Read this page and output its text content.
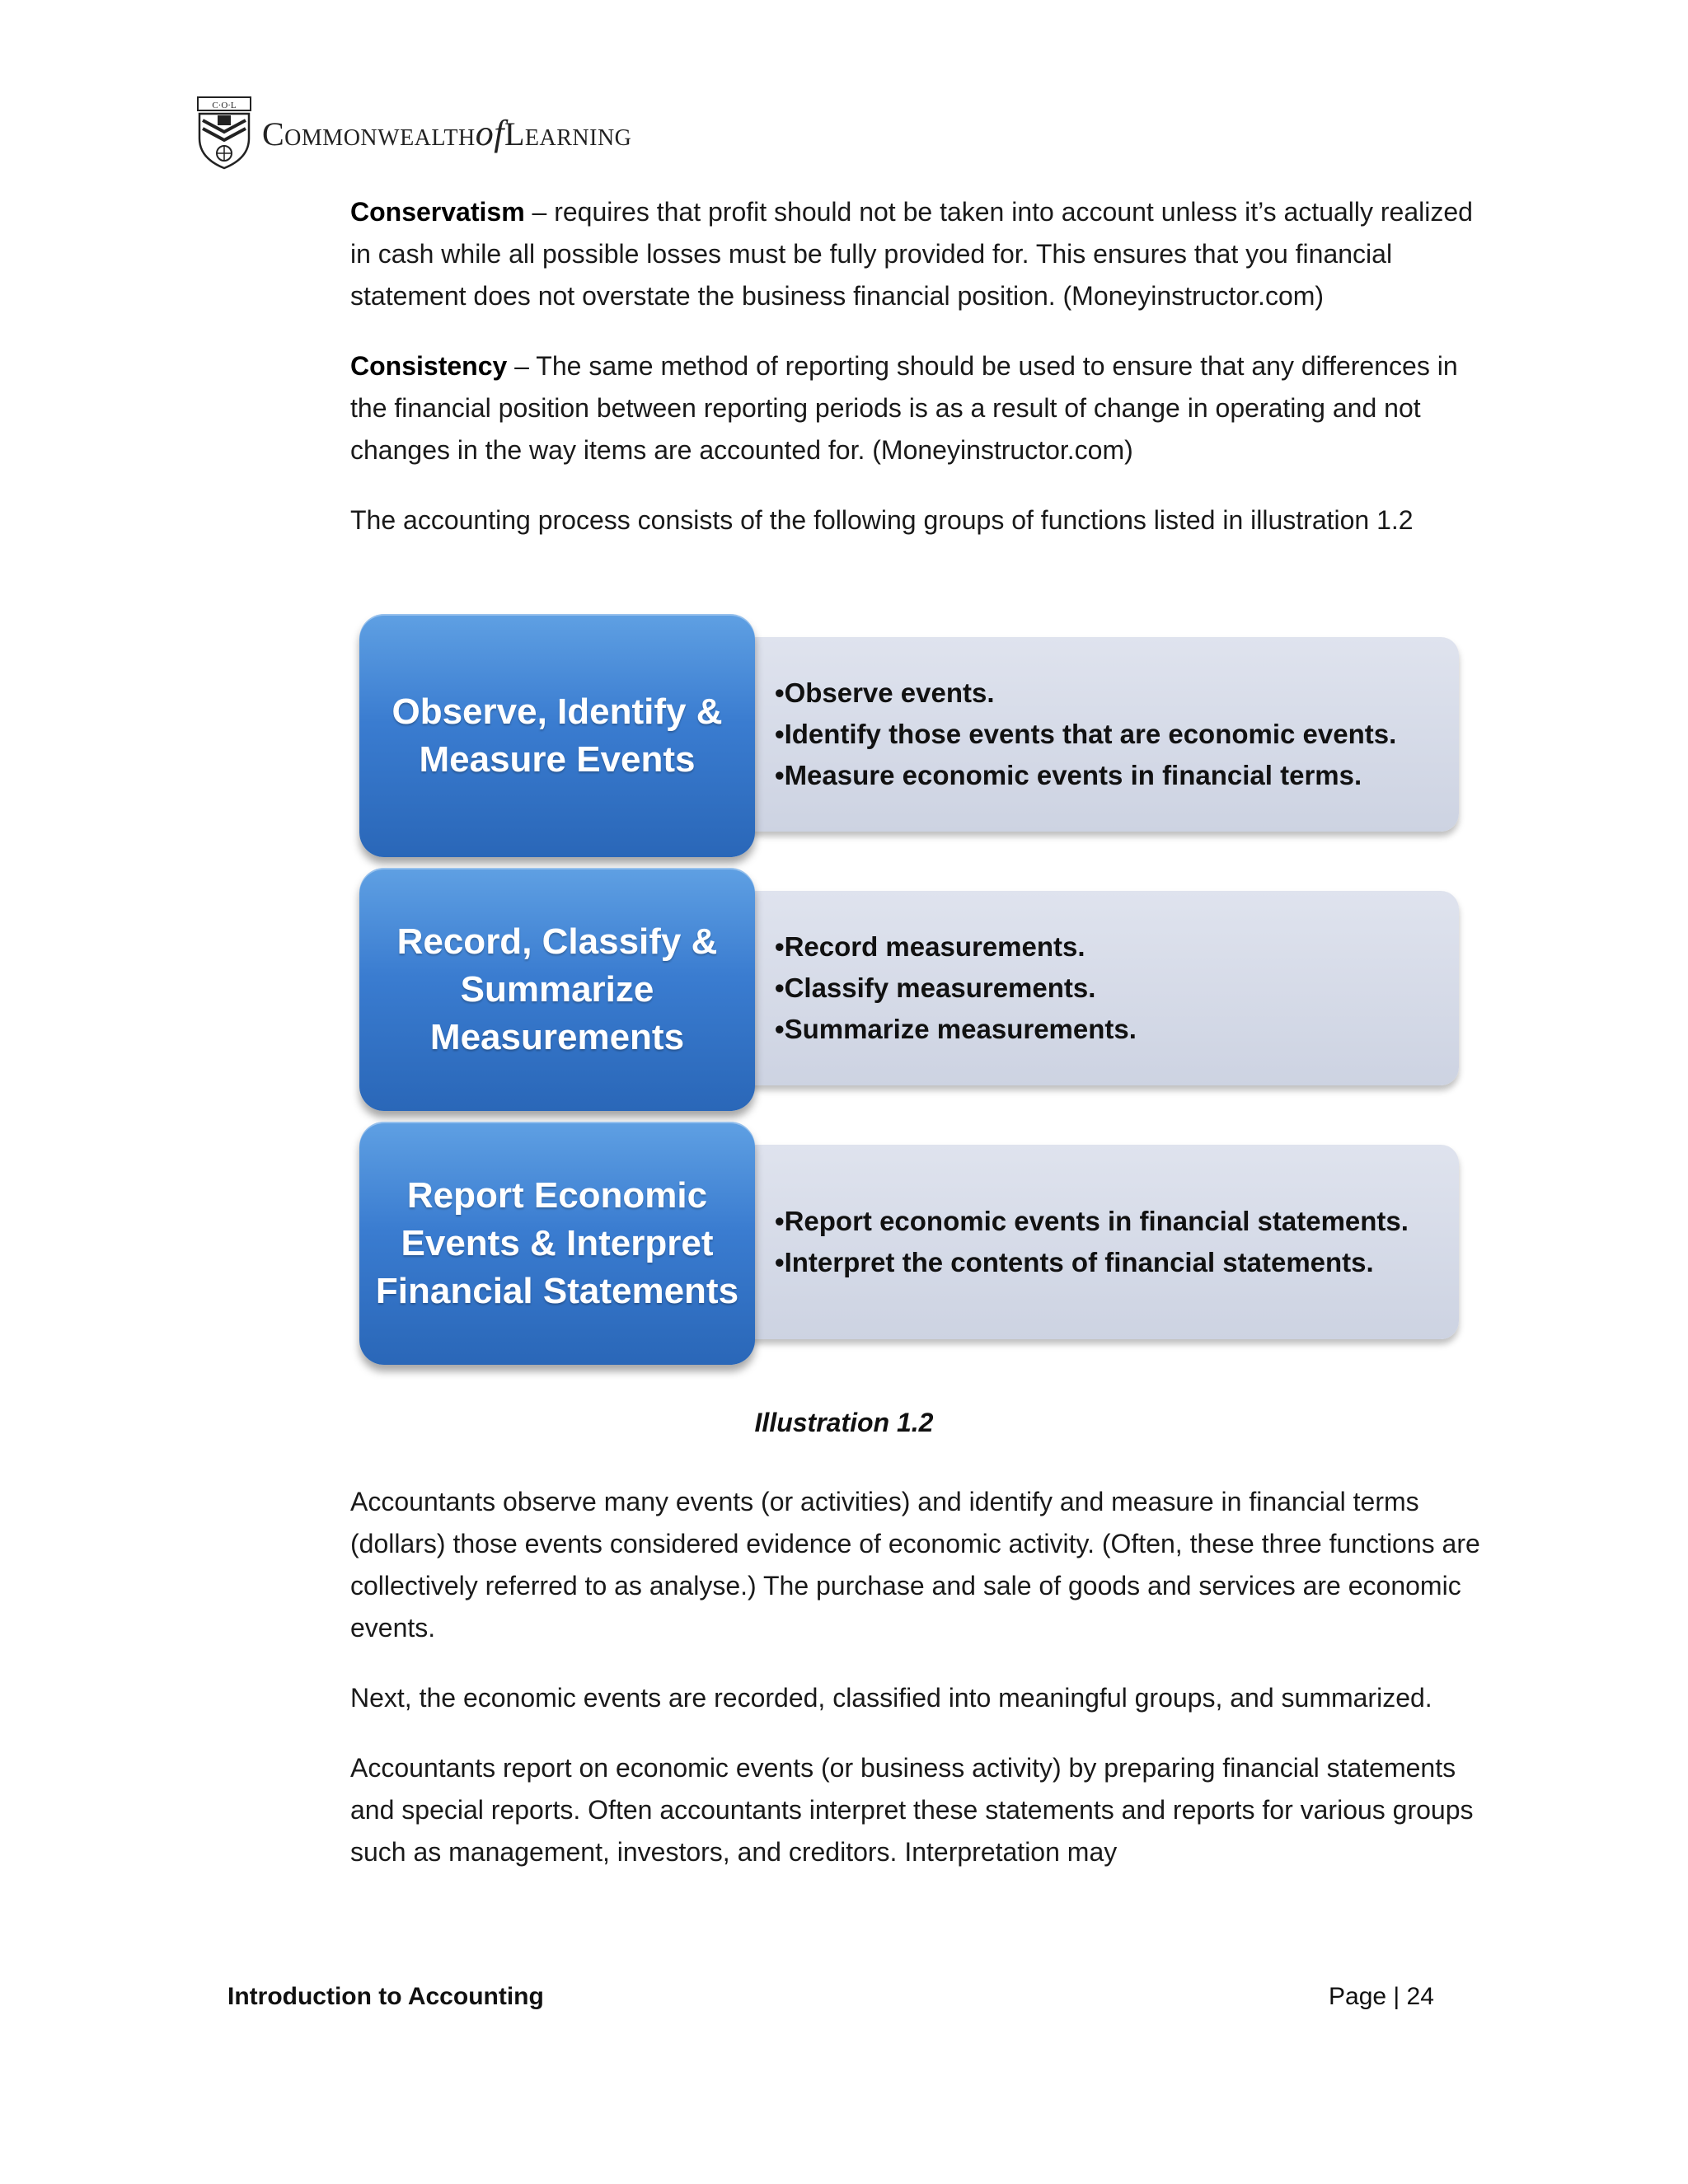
C·O·L
CommonwealthofLearning

Conservatism – requires that profit should not be taken into account unless it’s actually realized in cash while all possible losses must be fully provided for. This ensures that you financial statement does not overstate the business financial position. (Moneyinstructor.com)

Consistency – The same method of reporting should be used to ensure that any differences in the financial position between reporting periods is as a result of change in operating and not changes in the way items are accounted for. (Moneyinstructor.com)

The accounting process consists of the following groups of functions listed in illustration 1.2

Observe, Identify & Measure Events
• Observe events.
• Identify those events that are economic events.
• Measure economic events in financial terms.
Record, Classify & Summarize Measurements
• Record measurements.
• Classify measurements.
• Summarize measurements.
Report Economic Events & Interpret Financial Statements
• Report economic events in financial statements.
• Interpret the contents of financial statements.
Illustration 1.2

Accountants observe many events (or activities) and identify and measure in financial terms (dollars) those events considered evidence of economic activity. (Often, these three functions are collectively referred to as analyse.) The purchase and sale of goods and services are economic events.

Next, the economic events are recorded, classified into meaningful groups, and summarized.

Accountants report on economic events (or business activity) by preparing financial statements and special reports. Often accountants interpret these statements and reports for various groups such as management, investors, and creditors. Interpretation may

Introduction to Accounting	Page | 24
